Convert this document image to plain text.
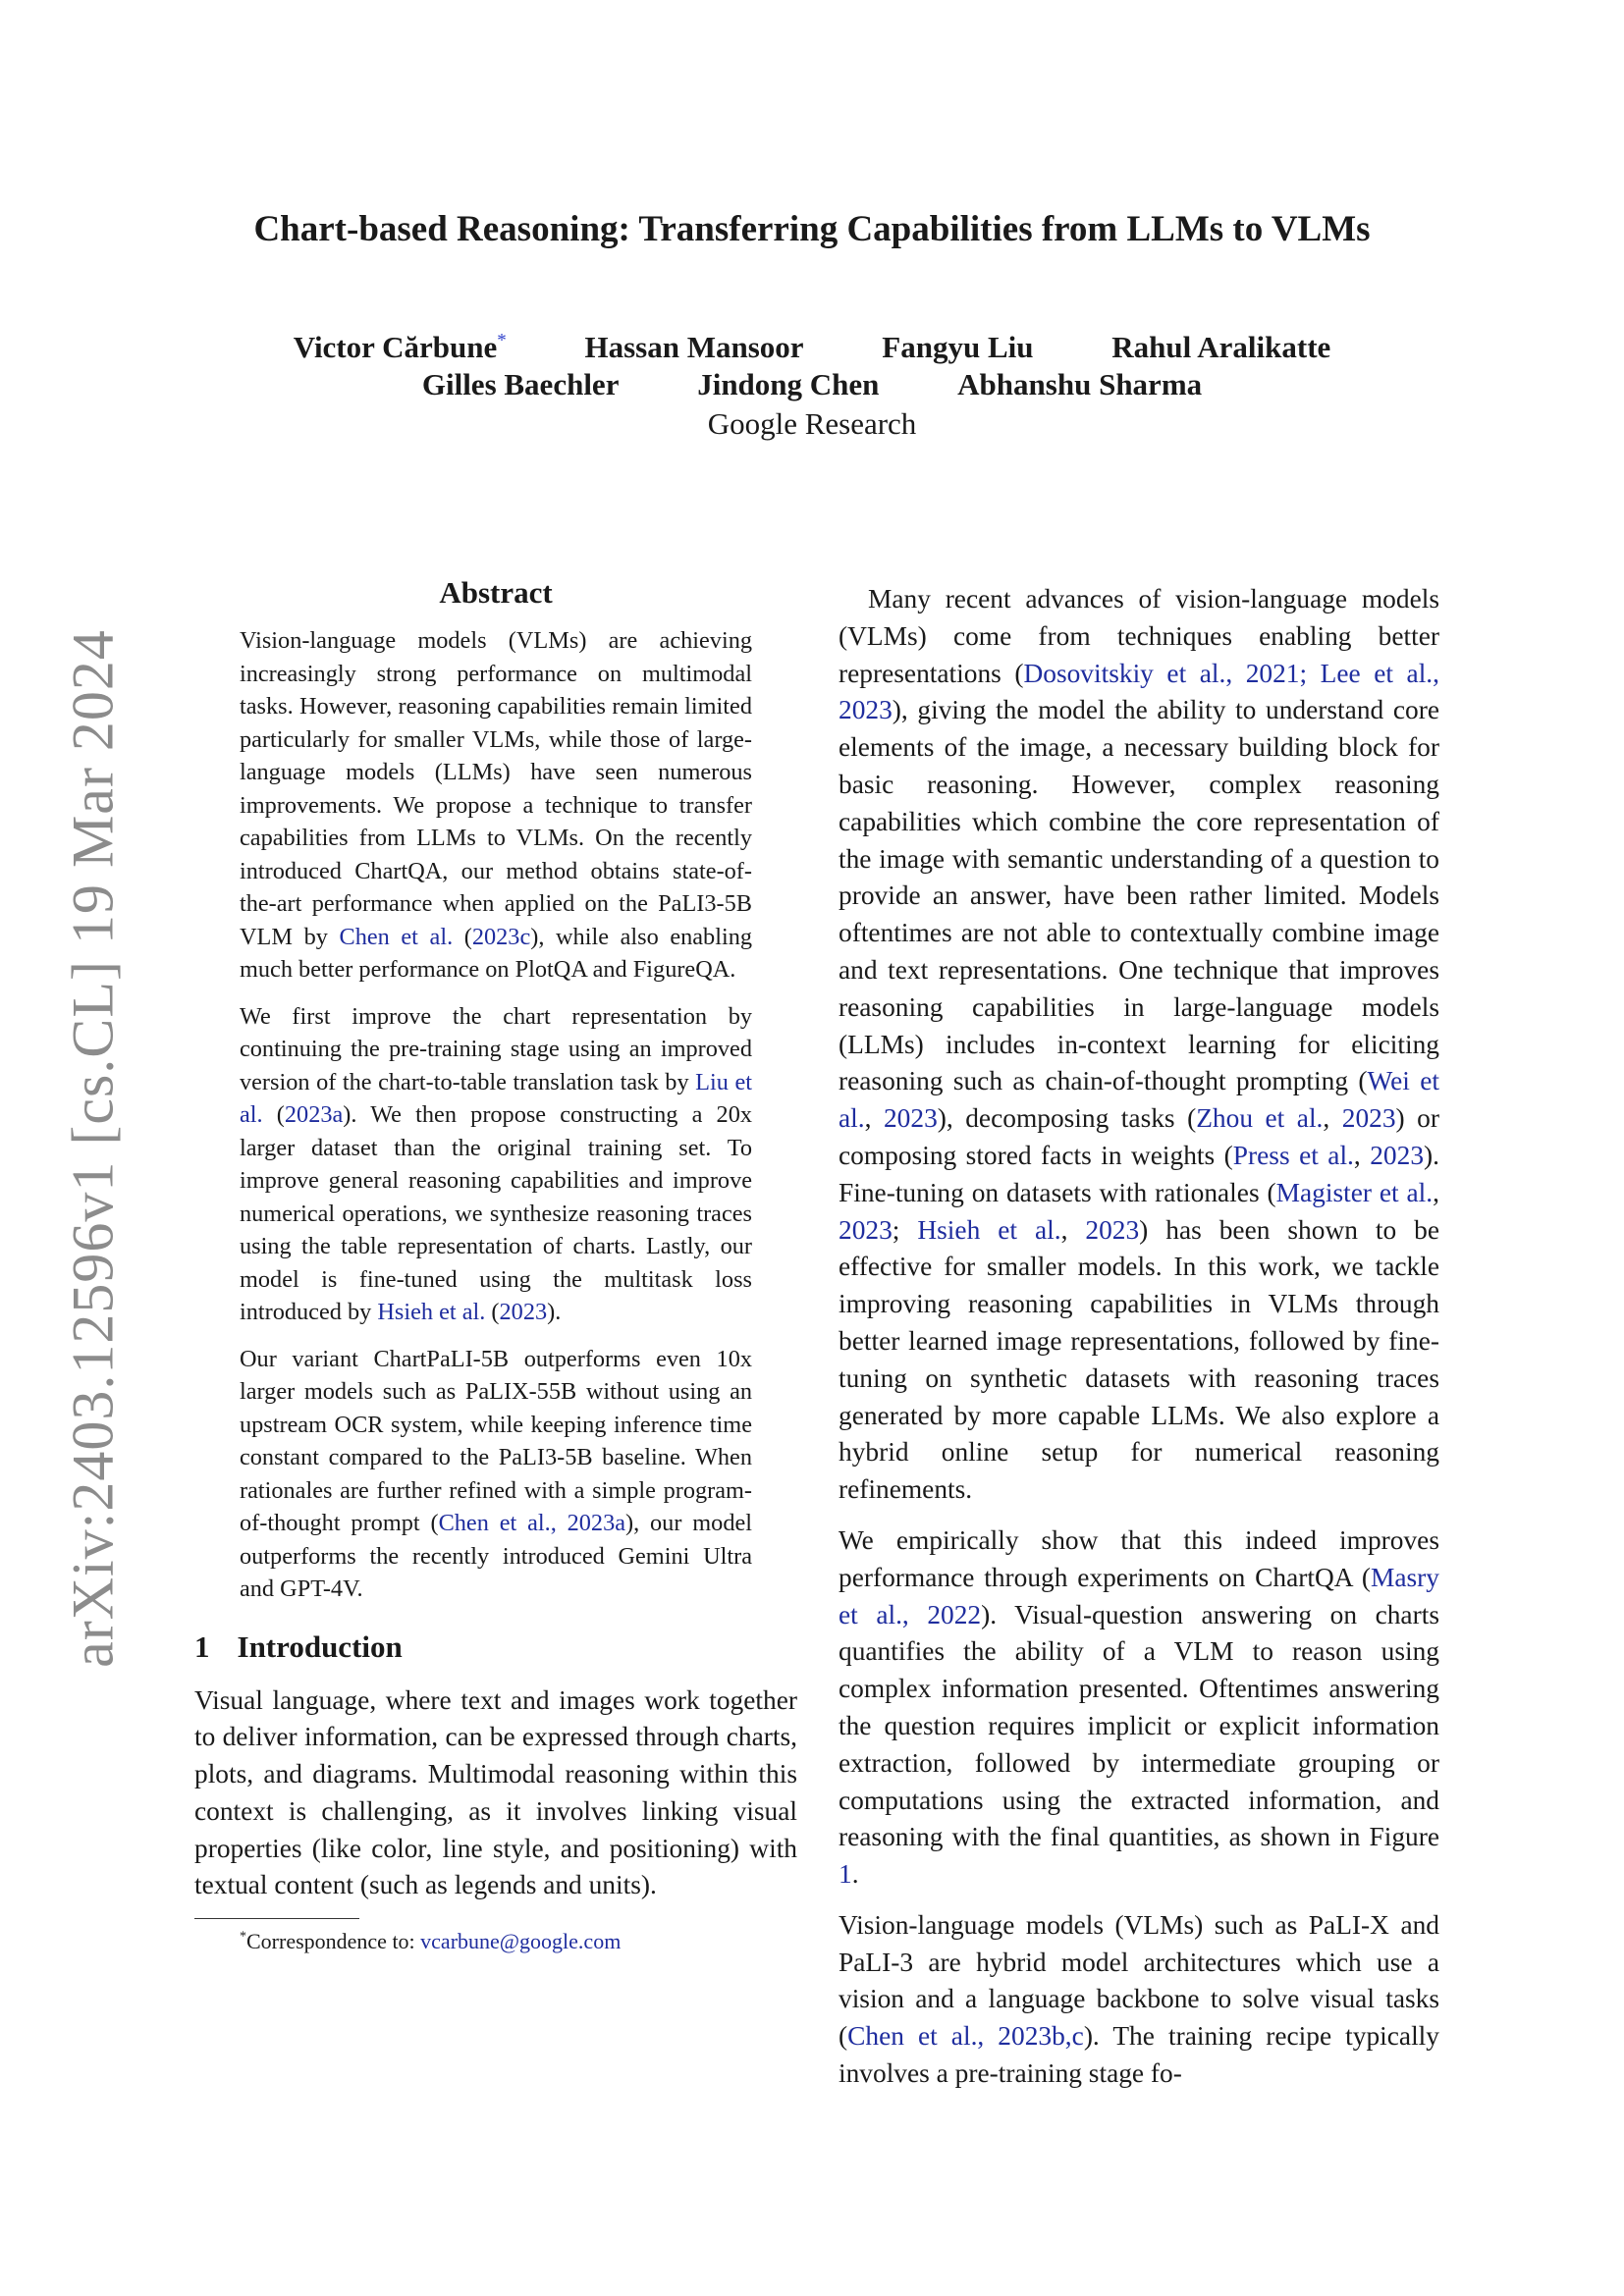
arXiv:2403.12596v1 [cs.CL] 19 Mar 2024
Chart-based Reasoning: Transferring Capabilities from LLMs to VLMs
Victor Cărbune*	Hassan Mansoor	Fangyu Liu	Rahul Aralikatte
Gilles Baechler	Jindong Chen	Abhanshu Sharma
Google Research
Abstract

Vision-language models (VLMs) are achieving increasingly strong performance on multimodal tasks. However, reasoning capabilities remain limited particularly for smaller VLMs, while those of large-language models (LLMs) have seen numerous improvements. We propose a technique to transfer capabilities from LLMs to VLMs. On the recently introduced ChartQA, our method obtains state-of-the-art performance when applied on the PaLI3-5B VLM by Chen et al. (2023c), while also enabling much better performance on PlotQA and FigureQA.

We first improve the chart representation by continuing the pre-training stage using an improved version of the chart-to-table translation task by Liu et al. (2023a). We then propose constructing a 20x larger dataset than the original training set. To improve general reasoning capabilities and improve numerical operations, we synthesize reasoning traces using the table representation of charts. Lastly, our model is fine-tuned using the multitask loss introduced by Hsieh et al. (2023).

Our variant ChartPaLI-5B outperforms even 10x larger models such as PaLIX-55B without using an upstream OCR system, while keeping inference time constant compared to the PaLI3-5B baseline. When rationales are further refined with a simple program-of-thought prompt (Chen et al., 2023a), our model outperforms the recently introduced Gemini Ultra and GPT-4V.

1 Introduction

Visual language, where text and images work together to deliver information, can be expressed through charts, plots, and diagrams. Multimodal reasoning within this context is challenging, as it involves linking visual properties (like color, line style, and positioning) with textual content (such as legends and units).

*Correspondence to: vcarbune@google.com

Many recent advances of vision-language models (VLMs) come from techniques enabling better representations (Dosovitskiy et al., 2021; Lee et al., 2023), giving the model the ability to understand core elements of the image, a necessary building block for basic reasoning. However, complex reasoning capabilities which combine the core representation of the image with semantic understanding of a question to provide an answer, have been rather limited. Models oftentimes are not able to contextually combine image and text representations. One technique that improves reasoning capabilities in large-language models (LLMs) includes in-context learning for eliciting reasoning such as chain-of-thought prompting (Wei et al., 2023), decomposing tasks (Zhou et al., 2023) or composing stored facts in weights (Press et al., 2023). Fine-tuning on datasets with rationales (Magister et al., 2023; Hsieh et al., 2023) has been shown to be effective for smaller models. In this work, we tackle improving reasoning capabilities in VLMs through better learned image representations, followed by fine-tuning on synthetic datasets with reasoning traces generated by more capable LLMs. We also explore a hybrid online setup for numerical reasoning refinements.

We empirically show that this indeed improves performance through experiments on ChartQA (Masry et al., 2022). Visual-question answering on charts quantifies the ability of a VLM to reason using complex information presented. Oftentimes answering the question requires implicit or explicit information extraction, followed by intermediate grouping or computations using the extracted information, and reasoning with the final quantities, as shown in Figure 1.

Vision-language models (VLMs) such as PaLI-X and PaLI-3 are hybrid model architectures which use a vision and a language backbone to solve visual tasks (Chen et al., 2023b,c). The training recipe typically involves a pre-training stage fo-
